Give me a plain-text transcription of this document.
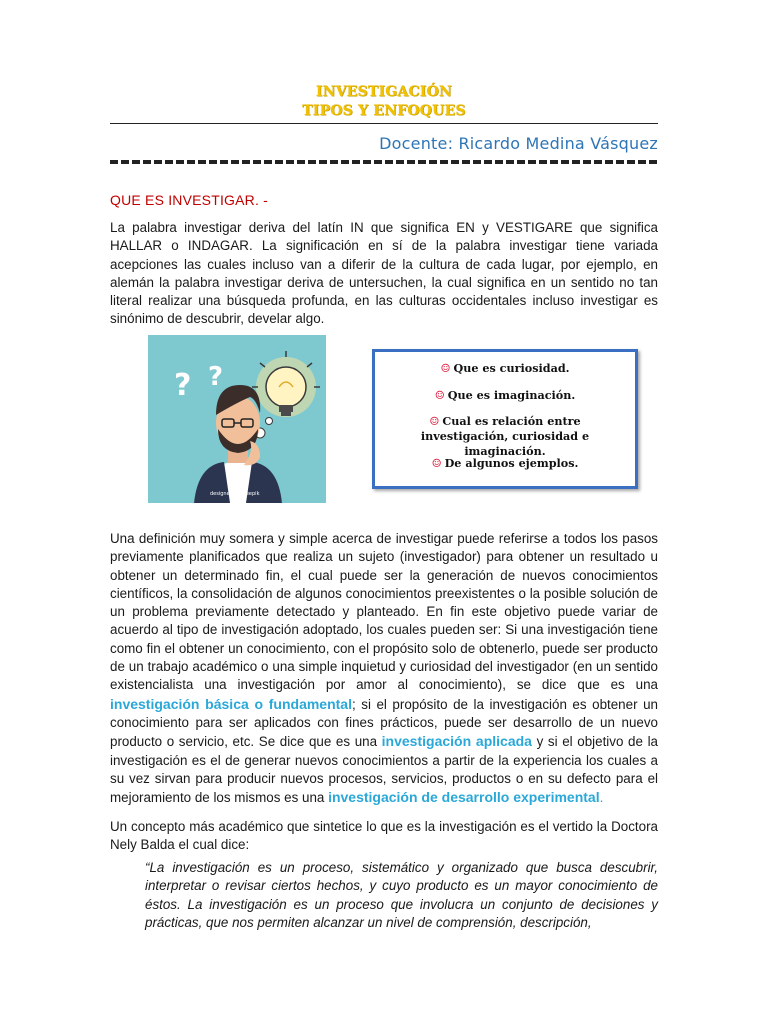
INVESTIGACIÓN
TIPOS Y ENFOQUES
Docente: Ricardo Medina Vásquez
QUE ES INVESTIGAR. -

La palabra investigar deriva del latín IN que significa EN y VESTIGARE que significa HALLAR o INDAGAR. La significación en sí de la palabra investigar tiene variada acepciones las cuales incluso van a diferir de la cultura de cada lugar, por ejemplo, en alemán la palabra investigar deriva de untersuchen, la cual significa en un sentido no tan literal realizar una búsqueda profunda, en las culturas occidentales incluso investigar es sinónimo de descubrir, develar algo.

? ?
designed by freepik
☺ Que es curiosidad.
☺ Que es imaginación.
☺ Cual es relación entre investigación, curiosidad e imaginación.
☺ De algunos ejemplos.

Una definición muy somera y simple acerca de investigar puede referirse a todos los pasos previamente planificados que realiza un sujeto (investigador) para obtener un resultado u obtener un determinado fin, el cual puede ser la generación de nuevos conocimientos científicos, la consolidación de algunos conocimientos preexistentes o la posible solución de un problema previamente detectado y planteado. En fin este objetivo puede variar de acuerdo al tipo de investigación adoptado, los cuales pueden ser: Si una investigación tiene como fin el obtener un conocimiento, con el propósito solo de obtenerlo, puede ser producto de un trabajo académico o una simple inquietud y curiosidad del investigador (en un sentido existencialista una investigación por amor al conocimiento), se dice que es una investigación básica o fundamental; si el propósito de la investigación es obtener un conocimiento para ser aplicados con fines prácticos, puede ser desarrollo de un nuevo producto o servicio, etc. Se dice que es una investigación aplicada y si el objetivo de la investigación es el de generar nuevos conocimientos a partir de la experiencia los cuales a su vez sirvan para producir nuevos procesos, servicios, productos o en su defecto para el mejoramiento de los mismos es una investigación de desarrollo experimental.

Un concepto más académico que sintetice lo que es la investigación es el vertido la Doctora Nely Balda el cual dice:

“La investigación es un proceso, sistemático y organizado que busca descubrir, interpretar o revisar ciertos hechos, y cuyo producto es un mayor conocimiento de éstos. La investigación es un proceso que involucra un conjunto de decisiones y prácticas, que nos permiten alcanzar un nivel de comprensión, descripción,
